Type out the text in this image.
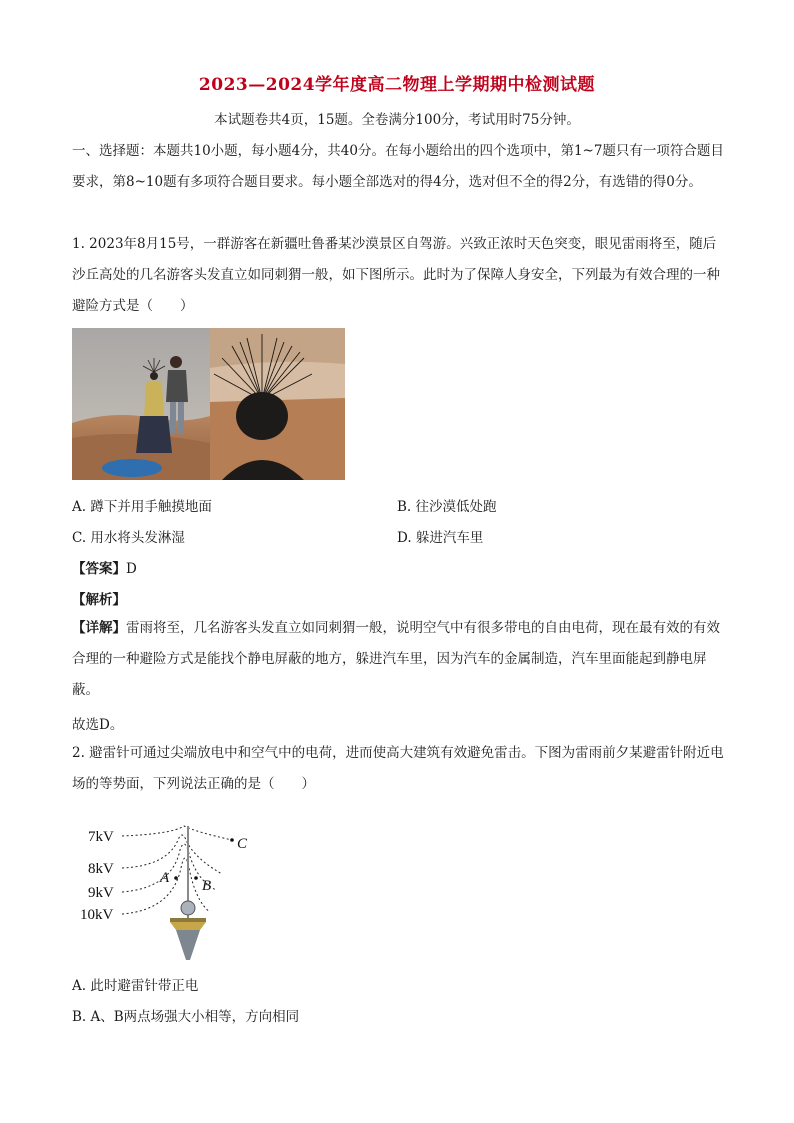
2023—2024学年度高二物理上学期期中检测试题
本试题卷共4页，15题。全卷满分100分，考试用时75分钟。
一、选择题：本题共10小题，每小题4分，共40分。在每小题给出的四个选项中，第1~7题只有一项符合题目要求，第8~10题有多项符合题目要求。每小题全部选对的得4分，选对但不全的得2分，有选错的得0分。
1. 2023年8月15号，一群游客在新疆吐鲁番某沙漠景区自驾游。兴致正浓时天色突变，眼见雷雨将至，随后沙丘高处的几名游客头发直立如同刺猬一般，如下图所示。此时为了保障人身安全，下列最为有效合理的一种避险方式是（　　）
A. 蹲下并用手触摸地面	B. 往沙漠低处跑
C. 用水将头发淋湿	D. 躲进汽车里
【答案】D
【解析】
【详解】雷雨将至，几名游客头发直立如同刺猬一般，说明空气中有很多带电的自由电荷，现在最有效的有效合理的一种避险方式是能找个静电屏蔽的地方，躲进汽车里，因为汽车的金属制造，汽车里面能起到静电屏蔽。
故选D。
2. 避雷针可通过尖端放电中和空气中的电荷，进而使高大建筑有效避免雷击。下图为雷雨前夕某避雷针附近电场的等势面，下列说法正确的是（　　）
7kV
8kV
9kV
10kV
C
A B
A. 此时避雷针带正电
B. A、B两点场强大小相等，方向相同
